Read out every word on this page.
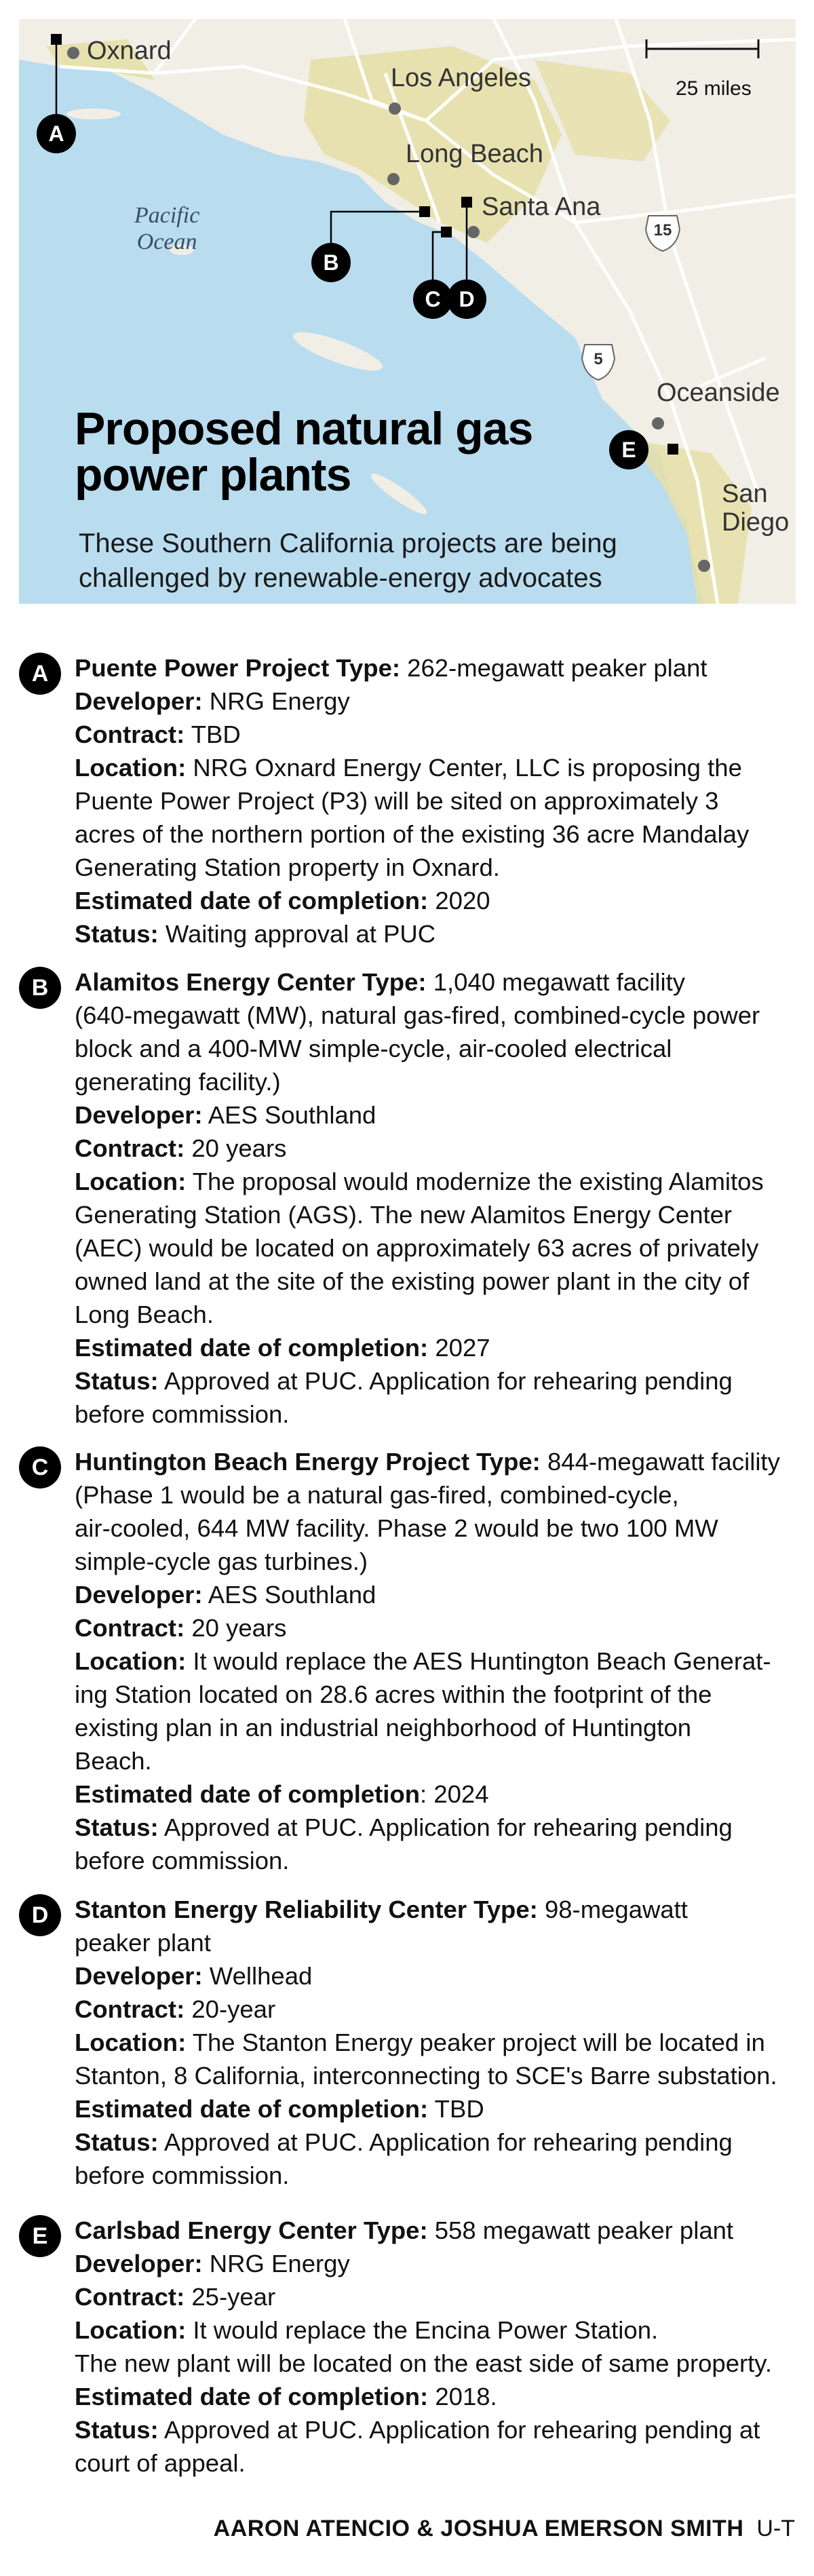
Oxnard
Los Angeles
Long Beach
Santa Ana
Oceanside
San
Diego
Pacific
Ocean
25 miles
15
5
A
B
C D
E
Proposed natural gas
power plants
These Southern California projects are being
challenged by renewable-energy advocates
A	Puente Power Project Type: 262-megawatt peaker plant
Developer: NRG Energy
Contract: TBD
Location: NRG Oxnard Energy Center, LLC is proposing the
Puente Power Project (P3) will be sited on approximately 3
acres of the northern portion of the existing 36 acre Mandalay
Generating Station property in Oxnard.
Estimated date of completion: 2020
Status: Waiting approval at PUC
B	Alamitos Energy Center Type: 1,040 megawatt facility
(640-megawatt (MW), natural gas-fired, combined-cycle power
block and a 400-MW simple-cycle, air-cooled electrical
generating facility.)
Developer: AES Southland
Contract: 20 years
Location: The proposal would modernize the existing Alamitos
Generating Station (AGS). The new Alamitos Energy Center
(AEC) would be located on approximately 63 acres of privately
owned land at the site of the existing power plant in the city of
Long Beach.
Estimated date of completion: 2027
Status: Approved at PUC. Application for rehearing pending
before commission.
C	Huntington Beach Energy Project Type: 844-megawatt facility
(Phase 1 would be a natural gas-fired, combined-cycle,
air-cooled, 644 MW facility. Phase 2 would be two 100 MW
simple-cycle gas turbines.)
Developer: AES Southland
Contract: 20 years
Location: It would replace the AES Huntington Beach Generat-
ing Station located on 28.6 acres within the footprint of the
existing plan in an industrial neighborhood of Huntington
Beach.
Estimated date of completion: 2024
Status: Approved at PUC. Application for rehearing pending
before commission.
D	Stanton Energy Reliability Center Type: 98-megawatt
peaker plant
Developer: Wellhead
Contract: 20-year
Location: The Stanton Energy peaker project will be located in
Stanton, 8 California, interconnecting to SCE's Barre substation.
Estimated date of completion: TBD
Status: Approved at PUC. Application for rehearing pending
before commission.
E	Carlsbad Energy Center Type: 558 megawatt peaker plant
Developer: NRG Energy
Contract: 25-year
Location: It would replace the Encina Power Station.
The new plant will be located on the east side of same property.
Estimated date of completion: 2018.
Status: Approved at PUC. Application for rehearing pending at
court of appeal.
AARON ATENCIO & JOSHUA EMERSON SMITH U-T
